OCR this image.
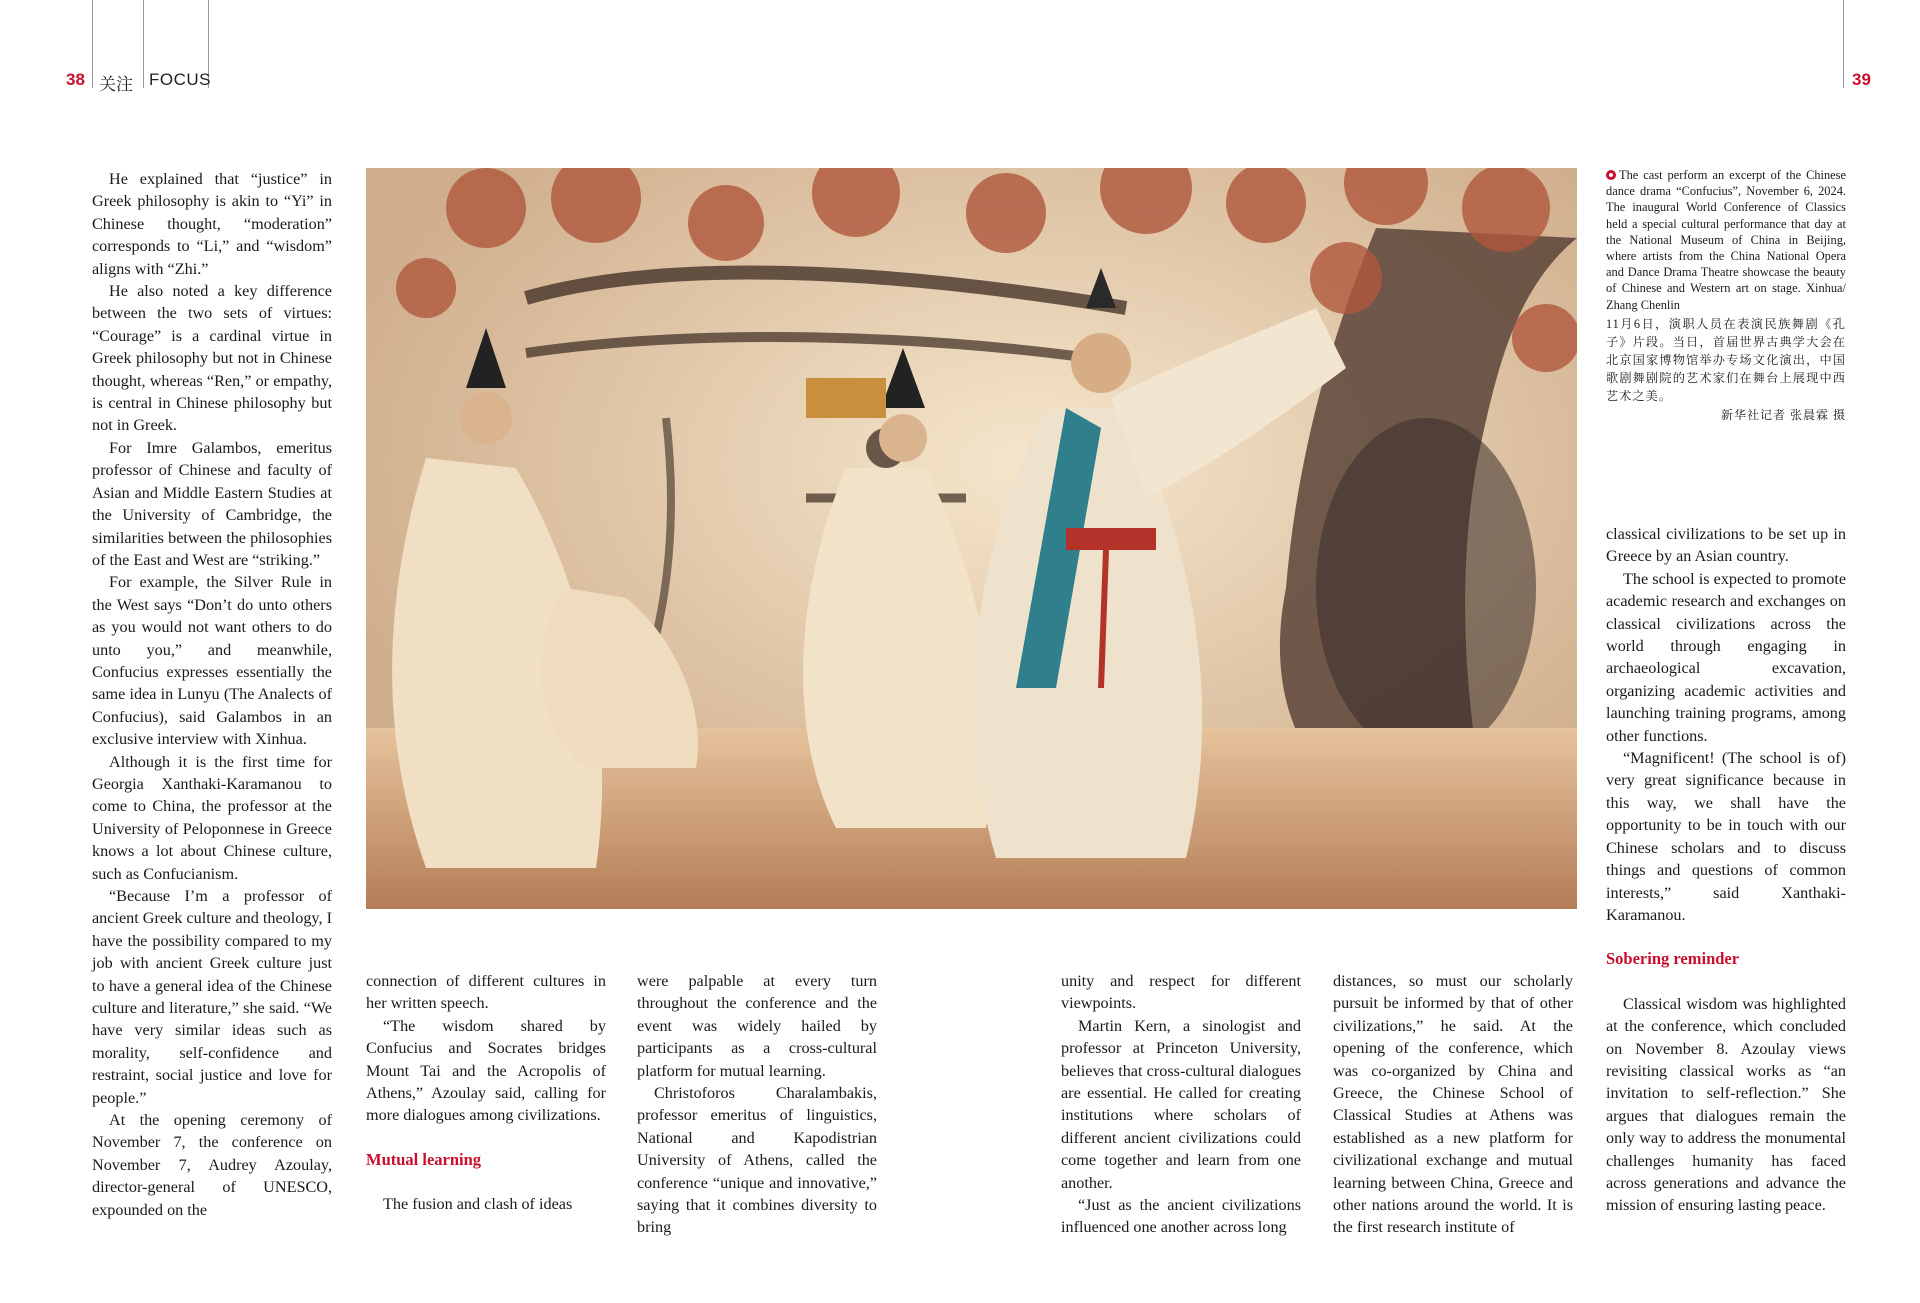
38 关注 FOCUS	39

He explained that “justice” in Greek philosophy is akin to “Yi” in Chinese thought, “moderation” corresponds to “Li,” and “wisdom” aligns with “Zhi.”

He also noted a key difference between the two sets of virtues: “Courage” is a cardinal virtue in Greek philosophy but not in Chinese thought, whereas “Ren,” or empathy, is central in Chinese philosophy but not in Greek.

For Imre Galambos, emeritus professor of Chinese and faculty of Asian and Middle Eastern Studies at the University of Cambridge, the similarities between the philosophies of the East and West are “striking.”

For example, the Silver Rule in the West says “Don’t do unto others as you would not want others to do unto you,” and meanwhile, Confucius expresses essentially the same idea in Lunyu (The Analects of Confucius), said Galambos in an exclusive interview with Xinhua.

Although it is the first time for Georgia Xanthaki-Karamanou to come to China, the professor at the University of Peloponnese in Greece knows a lot about Chinese culture, such as Confucianism.

“Because I’m a professor of ancient Greek culture and theology, I have the possibility compared to my job with ancient Greek culture just to have a general idea of the Chinese culture and literature,” she said. “We have very similar ideas such as morality, self-confidence and restraint, social justice and love for people.”

At the opening ceremony of November 7, the conference on November 7, Audrey Azoulay, director-general of UNESCO, expounded on the

The cast perform an excerpt of the Chinese dance drama “Confucius”, November 6, 2024. The inaugural World Conference of Classics held a special cultural performance that day at the National Museum of China in Beijing, where artists from the China National Opera and Dance Drama Theatre showcase the beauty of Chinese and Western art on stage. Xinhua/ Zhang Chenlin
11月6日，演职人员在表演民族舞剧《孔子》片段。当日，首届世界古典学大会在北京国家博物馆举办专场文化演出，中国歌剧舞剧院的艺术家们在舞台上展现中西艺术之美。
新华社记者 张晨霖 摄

connection of different cultures in her written speech.

“The wisdom shared by Confucius and Socrates bridges Mount Tai and the Acropolis of Athens,” Azoulay said, calling for more dialogues among civilizations.

Mutual learning

The fusion and clash of ideas

were palpable at every turn throughout the conference and the event was widely hailed by participants as a cross-cultural platform for mutual learning.

Christoforos Charalambakis, professor emeritus of linguistics, National and Kapodistrian University of Athens, called the conference “unique and innovative,” saying that it combines diversity to bring

unity and respect for different viewpoints.

Martin Kern, a sinologist and professor at Princeton University, believes that cross-cultural dialogues are essential. He called for creating institutions where scholars of different ancient civilizations could come together and learn from one another.

“Just as the ancient civilizations influenced one another across long

distances, so must our scholarly pursuit be informed by that of other civilizations,” he said. At the opening of the conference, which was co-organized by China and Greece, the Chinese School of Classical Studies at Athens was established as a new platform for civilizational exchange and mutual learning between China, Greece and other nations around the world. It is the first research institute of

classical civilizations to be set up in Greece by an Asian country.

The school is expected to promote academic research and exchanges on classical civilizations across the world through engaging in archaeological excavation, organizing academic activities and launching training programs, among other functions.

“Magnificent! (The school is of) very great significance because in this way, we shall have the opportunity to be in touch with our Chinese scholars and to discuss things and questions of common interests,” said Xanthaki-Karamanou.

Sobering reminder

Classical wisdom was highlighted at the conference, which concluded on November 8. Azoulay views revisiting classical works as “an invitation to self-reflection.” She argues that dialogues remain the only way to address the monumental challenges humanity has faced across generations and advance the mission of ensuring lasting peace.
